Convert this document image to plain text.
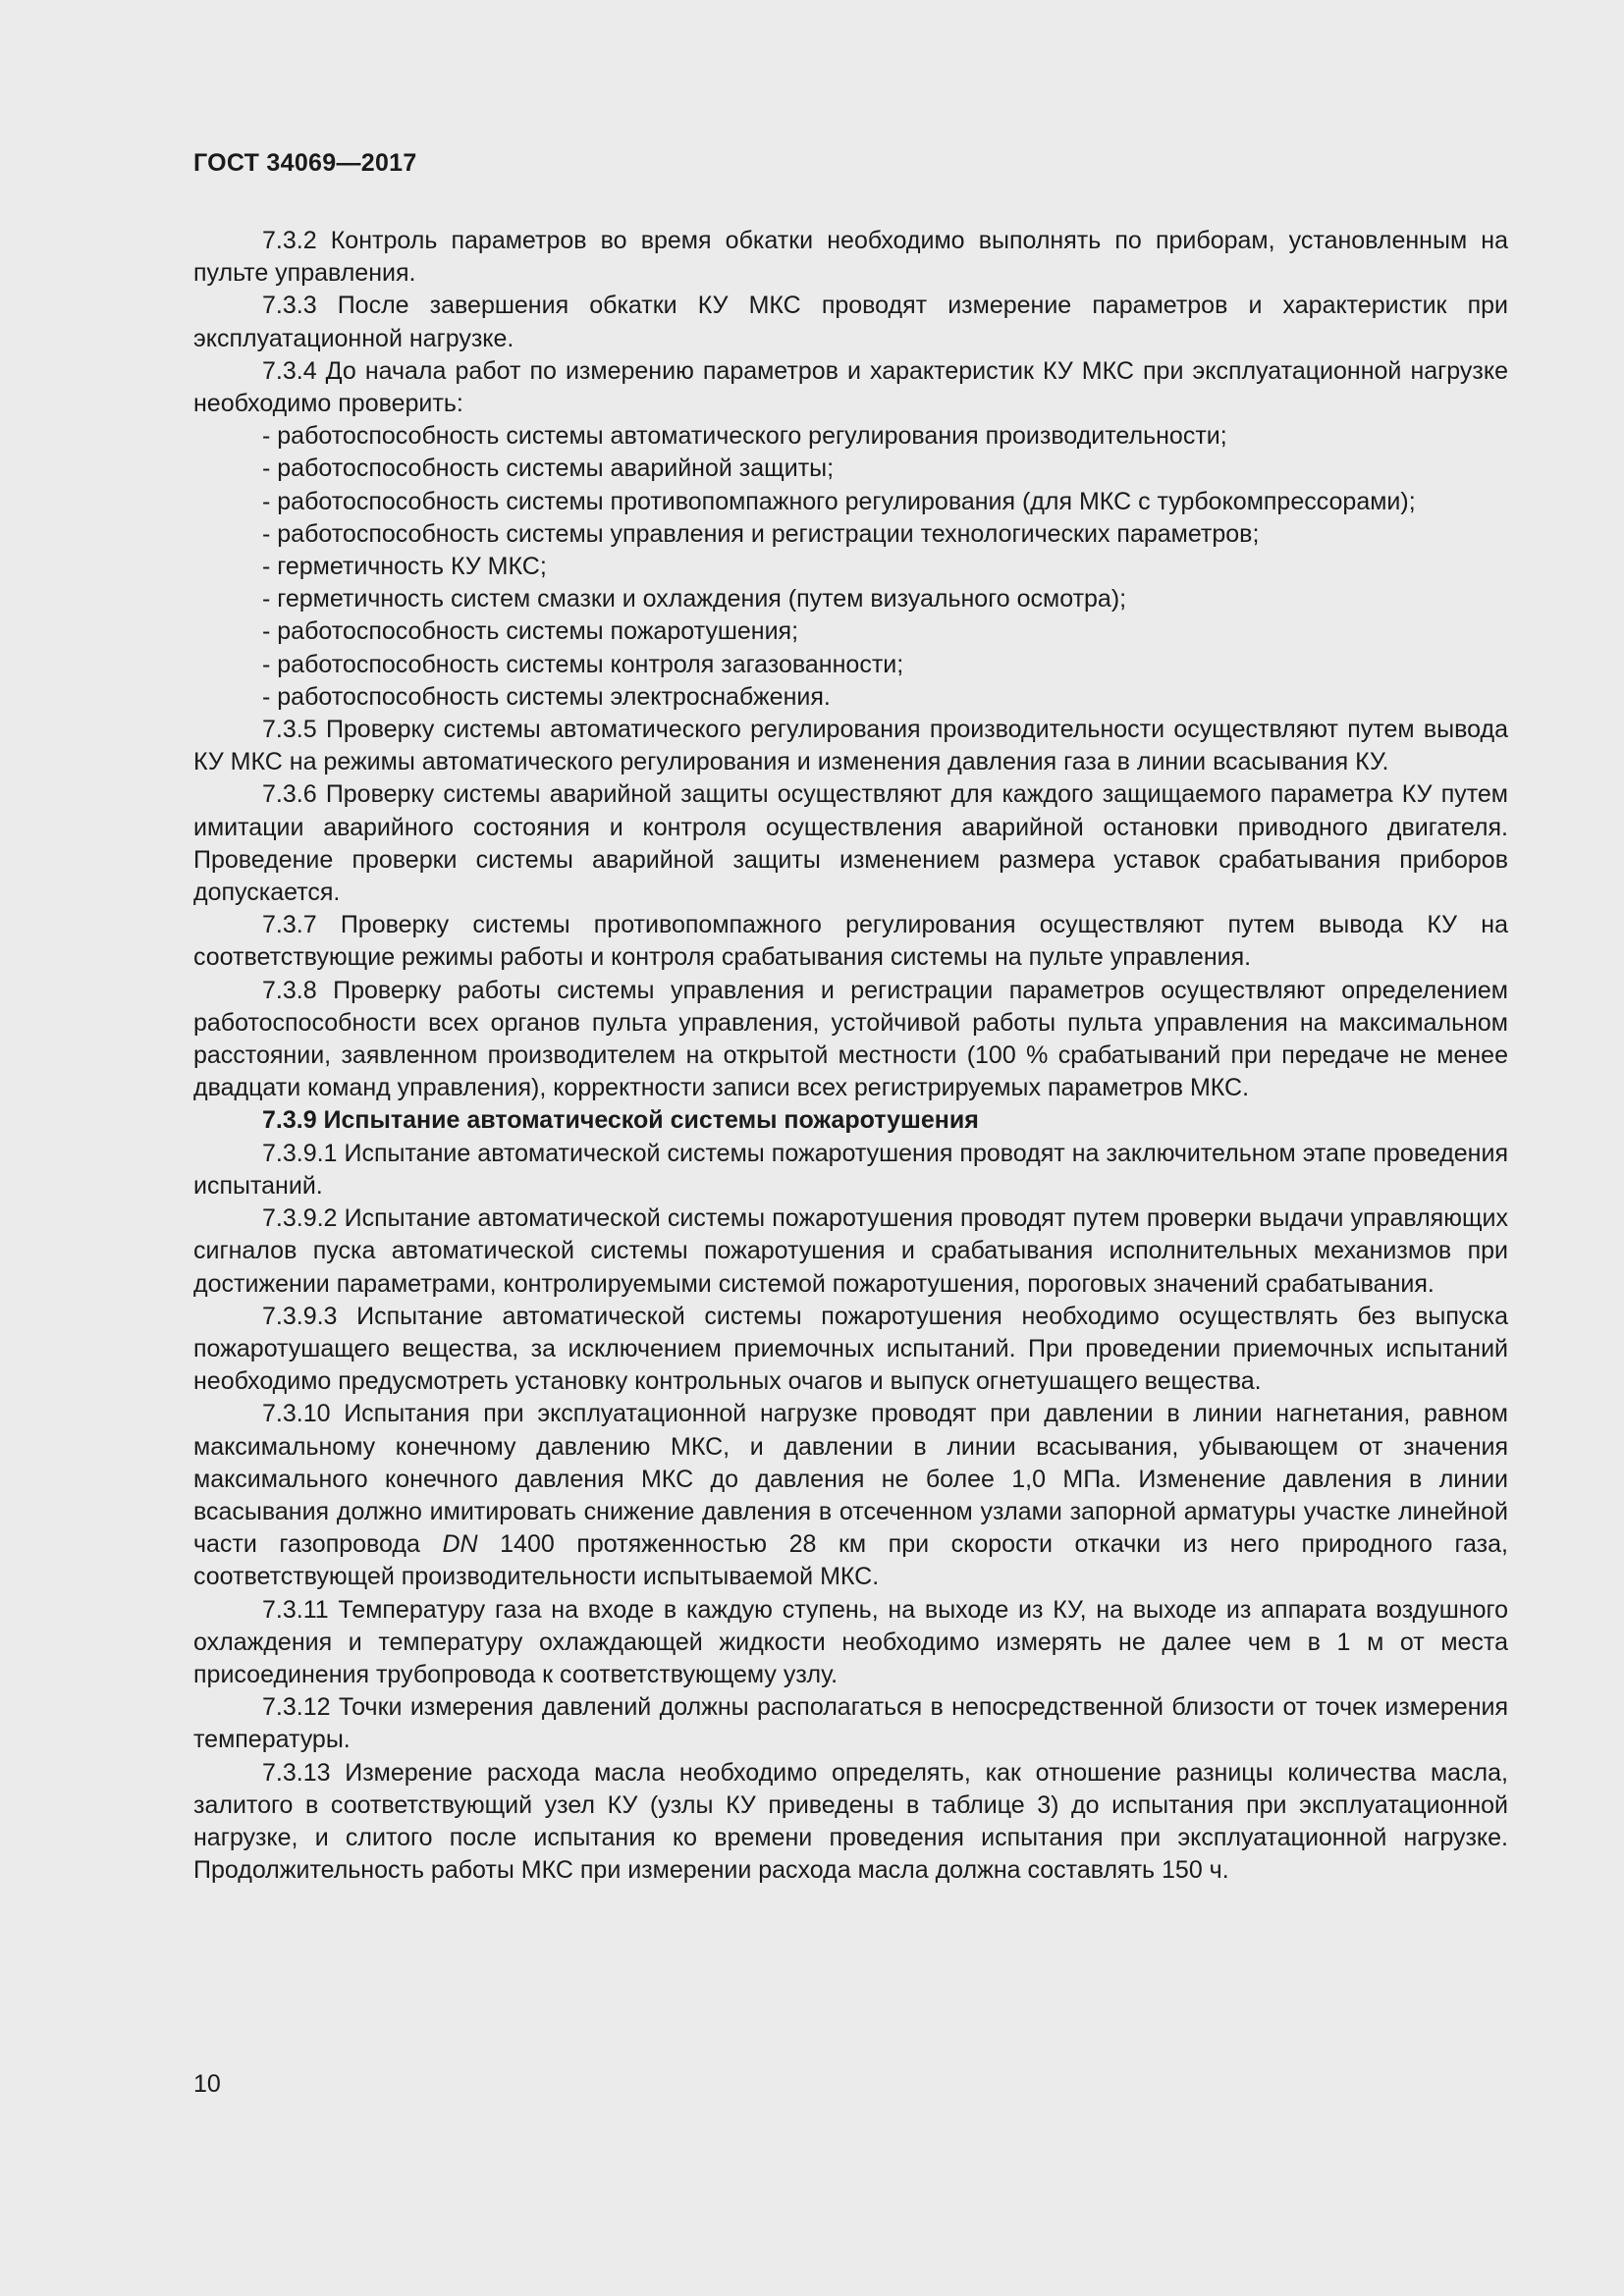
ГОСТ 34069—2017

7.3.2 Контроль параметров во время обкатки необходимо выполнять по приборам, установленным на пульте управления.

7.3.3 После завершения обкатки КУ МКС проводят измерение параметров и характеристик при эксплуатационной нагрузке.

7.3.4 До начала работ по измерению параметров и характеристик КУ МКС при эксплуатационной нагрузке необходимо проверить:

- работоспособность системы автоматического регулирования производительности;
- работоспособность системы аварийной защиты;
- работоспособность системы противопомпажного регулирования (для МКС с турбокомпрессорами);
- работоспособность системы управления и регистрации технологических параметров;
- герметичность КУ МКС;
- герметичность систем смазки и охлаждения (путем визуального осмотра);
- работоспособность системы пожаротушения;
- работоспособность системы контроля загазованности;
- работоспособность системы электроснабжения.

7.3.5 Проверку системы автоматического регулирования производительности осуществляют путем вывода КУ МКС на режимы автоматического регулирования и изменения давления газа в линии всасывания КУ.

7.3.6 Проверку системы аварийной защиты осуществляют для каждого защищаемого параметра КУ путем имитации аварийного состояния и контроля осуществления аварийной остановки приводного двигателя. Проведение проверки системы аварийной защиты изменением размера уставок срабатывания приборов допускается.

7.3.7 Проверку системы противопомпажного регулирования осуществляют путем вывода КУ на соответствующие режимы работы и контроля срабатывания системы на пульте управления.

7.3.8 Проверку работы системы управления и регистрации параметров осуществляют определением работоспособности всех органов пульта управления, устойчивой работы пульта управления на максимальном расстоянии, заявленном производителем на открытой местности (100 % срабатываний при передаче не менее двадцати команд управления), корректности записи всех регистрируемых параметров МКС.

7.3.9 Испытание автоматической системы пожаротушения

7.3.9.1 Испытание автоматической системы пожаротушения проводят на заключительном этапе проведения испытаний.

7.3.9.2 Испытание автоматической системы пожаротушения проводят путем проверки выдачи управляющих сигналов пуска автоматической системы пожаротушения и срабатывания исполнительных механизмов при достижении параметрами, контролируемыми системой пожаротушения, пороговых значений срабатывания.

7.3.9.3 Испытание автоматической системы пожаротушения необходимо осуществлять без выпуска пожаротушащего вещества, за исключением приемочных испытаний. При проведении приемочных испытаний необходимо предусмотреть установку контрольных очагов и выпуск огнетушащего вещества.

7.3.10 Испытания при эксплуатационной нагрузке проводят при давлении в линии нагнетания, равном максимальному конечному давлению МКС, и давлении в линии всасывания, убывающем от значения максимального конечного давления МКС до давления не более 1,0 МПа. Изменение давления в линии всасывания должно имитировать снижение давления в отсеченном узлами запорной арматуры участке линейной части газопровода DN 1400 протяженностью 28 км при скорости откачки из него природного газа, соответствующей производительности испытываемой МКС.

7.3.11 Температуру газа на входе в каждую ступень, на выходе из КУ, на выходе из аппарата воздушного охлаждения и температуру охлаждающей жидкости необходимо измерять не далее чем в 1 м от места присоединения трубопровода к соответствующему узлу.

7.3.12 Точки измерения давлений должны располагаться в непосредственной близости от точек измерения температуры.

7.3.13 Измерение расхода масла необходимо определять, как отношение разницы количества масла, залитого в соответствующий узел КУ (узлы КУ приведены в таблице 3) до испытания при эксплуатационной нагрузке, и слитого после испытания ко времени проведения испытания при эксплуатационной нагрузке. Продолжительность работы МКС при измерении расхода масла должна составлять 150 ч.

10
